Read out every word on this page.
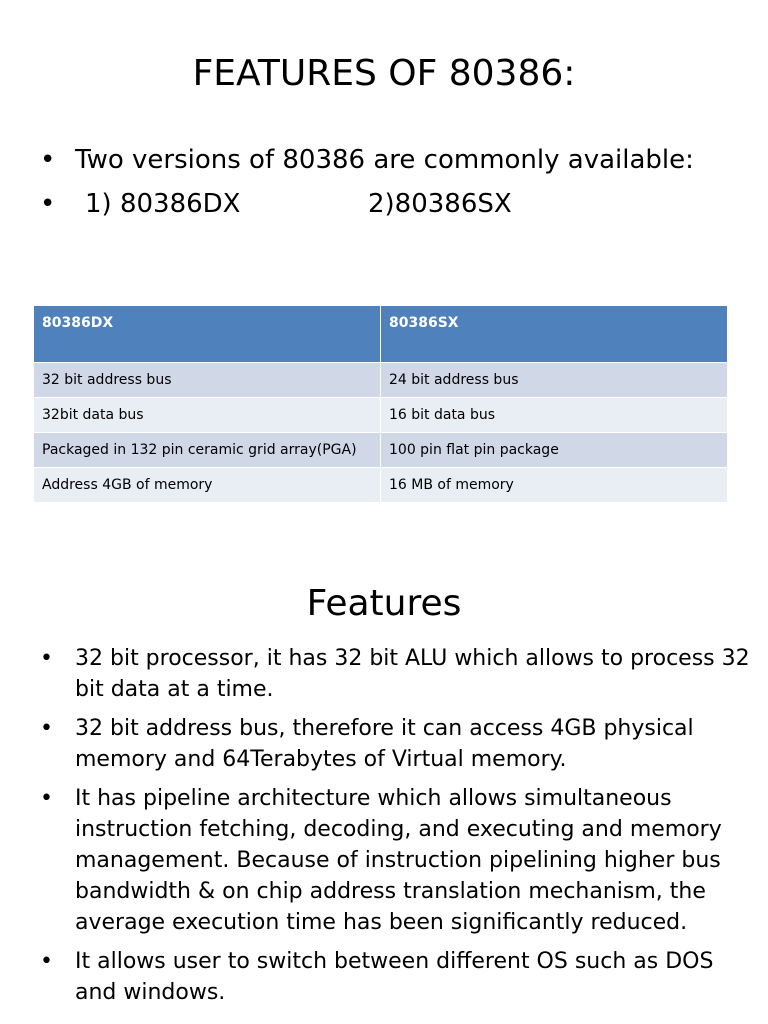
FEATURES OF 80386:
• Two versions of 80386 are commonly available:
•	1) 80386DX	2)80386SX
80386DX	80386SX
32 bit address bus	24 bit address bus
32bit data bus	16 bit data bus
Packaged in 132 pin ceramic grid array(PGA)	100 pin flat pin package
Address 4GB of memory	16 MB of memory
Features
• 32 bit processor, it has 32 bit ALU which allows to process 32 bit data at a time.
• 32 bit address bus, therefore it can access 4GB physical memory and 64Terabytes of Virtual memory.
• It has pipeline architecture which allows simultaneous instruction fetching, decoding, and executing and memory management. Because of instruction pipelining higher bus bandwidth & on chip address translation mechanism, the average execution time has been significantly reduced.
• It allows user to switch between different OS such as DOS and windows.
